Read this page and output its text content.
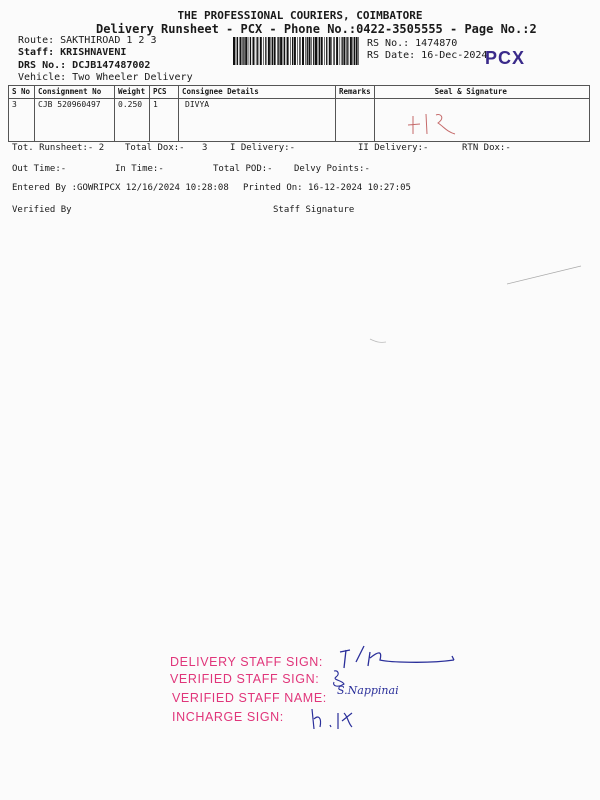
THE PROFESSIONAL COURIERS, COIMBATORE
Delivery Runsheet - PCX - Phone No.:0422-3505555 - Page No.:2
Route: SAKTHIROAD 1 2 3
Staff: KRISHNAVENI
DRS No.: DCJB147487002
Vehicle: Two Wheeler Delivery
RS No.: 1474870
RS Date: 16-Dec-2024
PCX
S No	Consignment No	Weight	PCS	Consignee Details	Remarks	Seal & Signature
3	CJB 520960497	0.250	1	DIVYA		
Tot. Runsheet:- 2 Total Dox:- 3	I Delivery:-	II Delivery:-	RTN Dox:-
Out Time:-	In Time:-	Total POD:- Delvy Points:-
Entered By :GOWRIPCX 12/16/2024 10:28:08 Printed On: 16-12-2024 10:27:05
Verified By	Staff Signature
DELIVERY STAFF SIGN:
VERIFIED STAFF SIGN:
VERIFIED STAFF NAME:
INCHARGE SIGN:
S.Nappinai
